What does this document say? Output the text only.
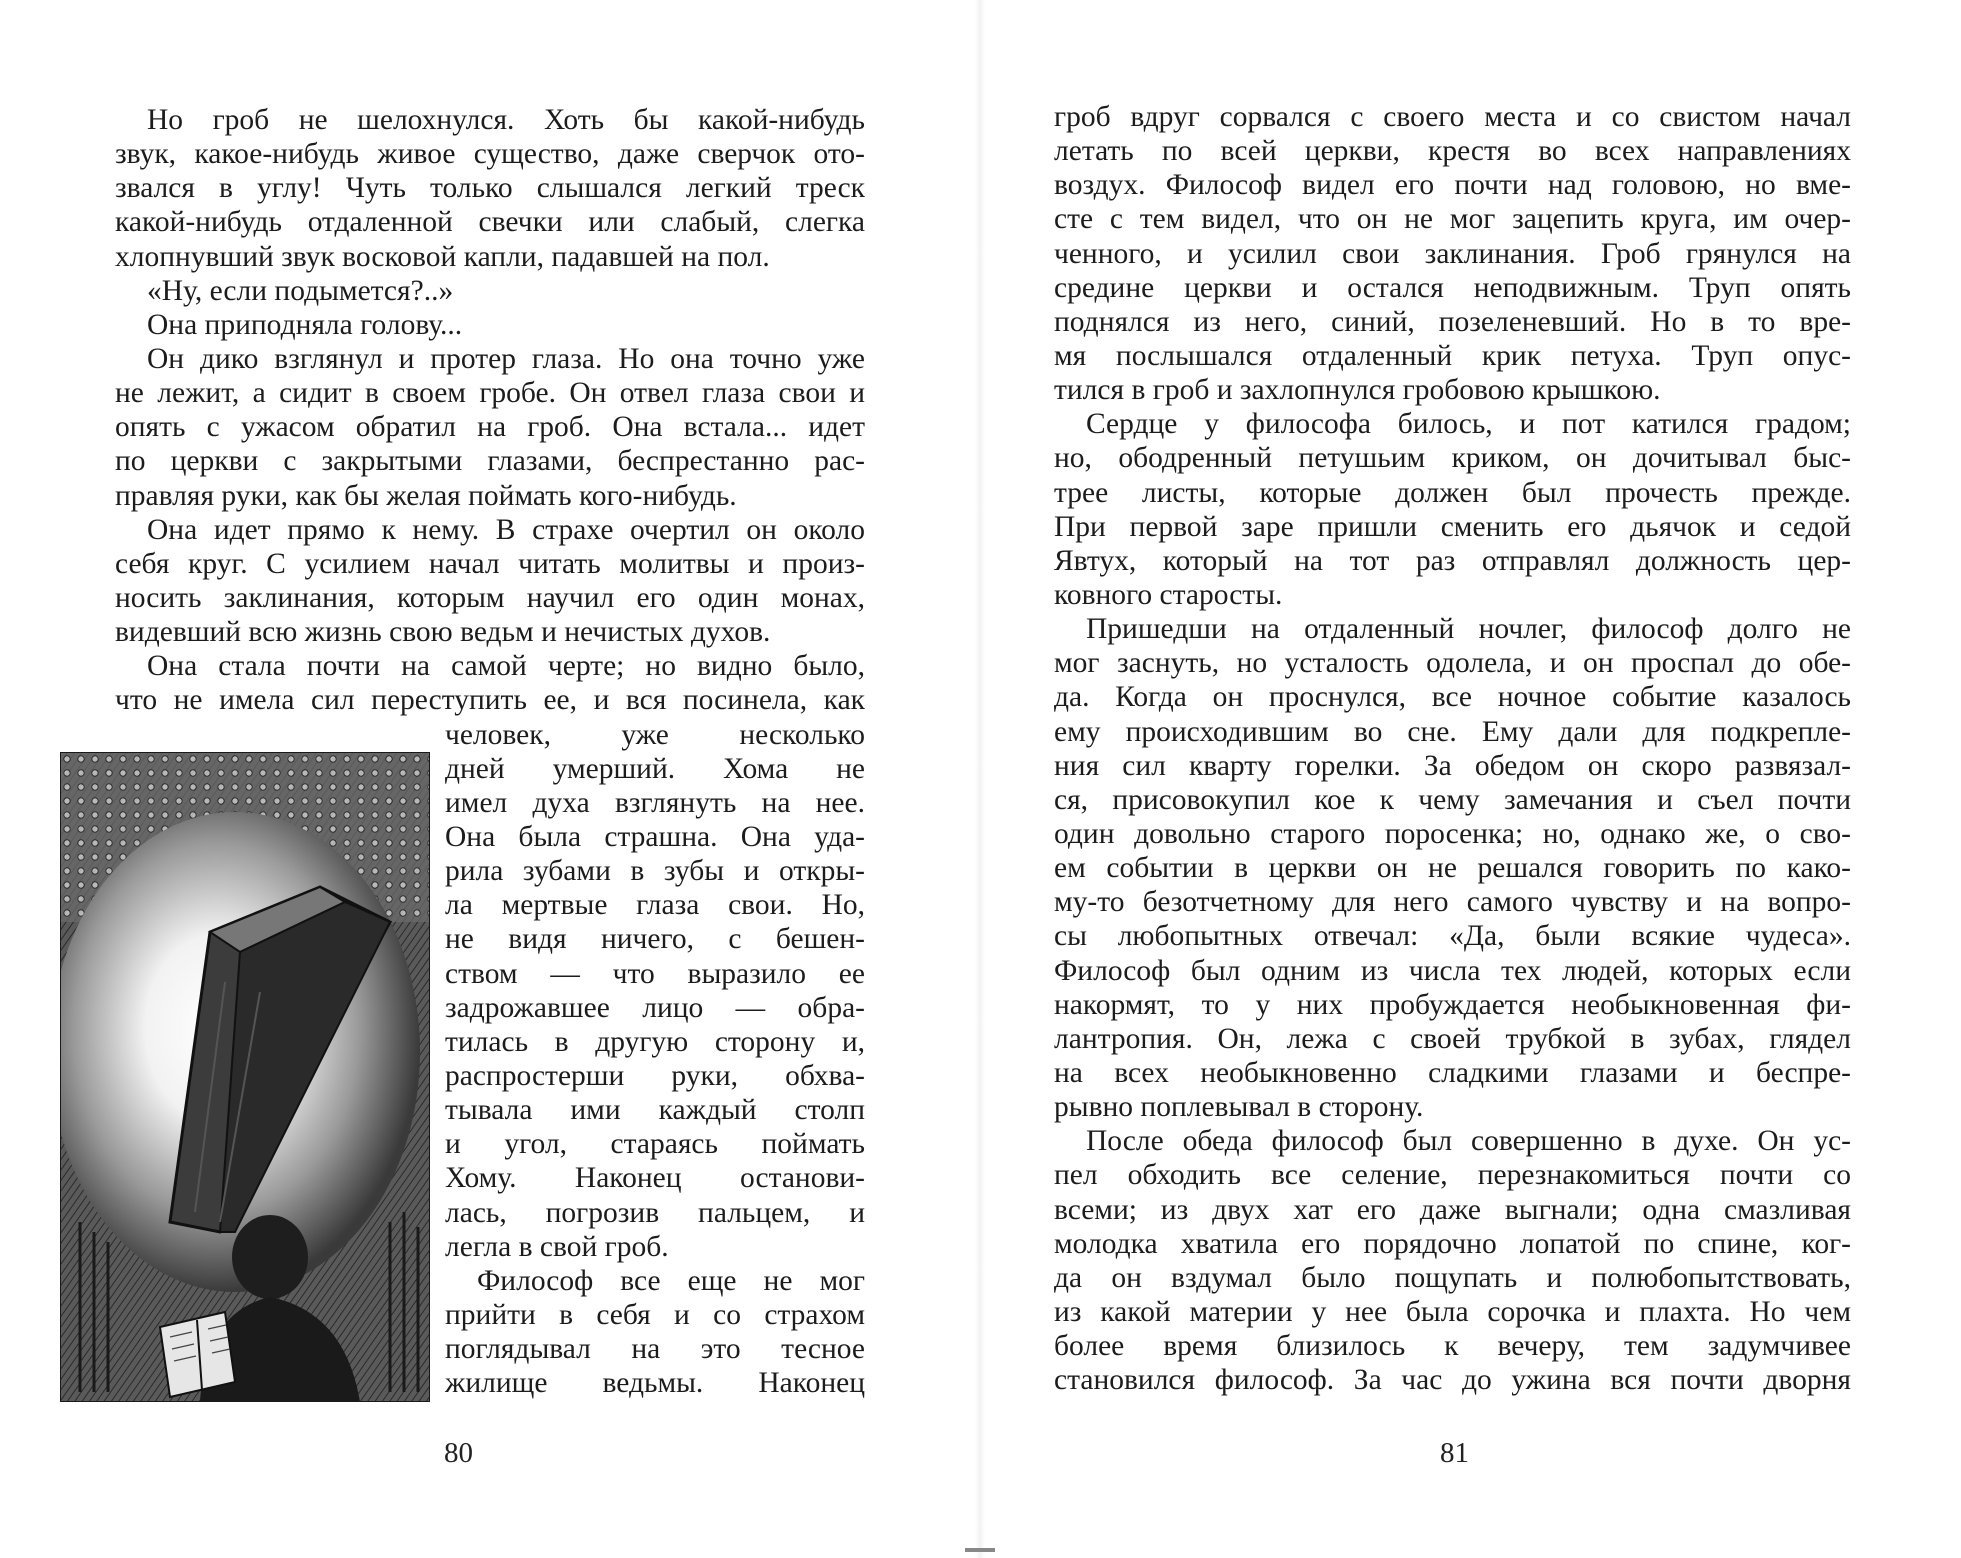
Но гроб не шелохнулся. Хоть бы какой-нибудь
звук, какое-нибудь живое существо, даже сверчок ото-
звался в углу! Чуть только слышался легкий треск
какой-нибудь отдаленной свечки или слабый, слегка
хлопнувший звук восковой капли, падавшей на пол.
«Ну, если подымется?..»
Она приподняла голову...
Он дико взглянул и протер глаза. Но она точно уже
не лежит, а сидит в своем гробе. Он отвел глаза свои и
опять с ужасом обратил на гроб. Она встала... идет
по церкви с закрытыми глазами, беспрестанно рас-
правляя руки, как бы желая поймать кого-нибудь.
Она идет прямо к нему. В страхе очертил он около
себя круг. С усилием начал читать молитвы и произ-
носить заклинания, которым научил его один монах,
видевший всю жизнь свою ведьм и нечистых духов.
Она стала почти на самой черте; но видно было,
что не имела сил переступить ее, и вся посинела, как
человек, уже несколько
дней умерший. Хома не
имел духа взглянуть на нее.
Она была страшна. Она уда-
рила зубами в зубы и откры-
ла мертвые глаза свои. Но,
не видя ничего, с бешен-
ством — что выразило ее
задрожавшее лицо — обра-
тилась в другую сторону и,
распростерши руки, обхва-
тывала ими каждый столп
и угол, стараясь поймать
Хому. Наконец останови-
лась, погрозив пальцем, и
легла в свой гроб.
Философ все еще не мог
прийти в себя и со страхом
поглядывал на это тесное
жилище ведьмы. Наконец
80
гроб вдруг сорвался с своего места и со свистом начал
летать по всей церкви, крестя во всех направлениях
воздух. Философ видел его почти над головою, но вме-
сте с тем видел, что он не мог зацепить круга, им очер-
ченного, и усилил свои заклинания. Гроб грянулся на
средине церкви и остался неподвижным. Труп опять
поднялся из него, синий, позеленевший. Но в то вре-
мя послышался отдаленный крик петуха. Труп опус-
тился в гроб и захлопнулся гробовою крышкою.
Сердце у философа билось, и пот катился градом;
но, ободренный петушьим криком, он дочитывал быс-
трее листы, которые должен был прочесть прежде.
При первой заре пришли сменить его дьячок и седой
Явтух, который на тот раз отправлял должность цер-
ковного старосты.
Пришедши на отдаленный ночлег, философ долго не
мог заснуть, но усталость одолела, и он проспал до обе-
да. Когда он проснулся, все ночное событие казалось
ему происходившим во сне. Ему дали для подкрепле-
ния сил кварту горелки. За обедом он скоро развязал-
ся, присовокупил кое к чему замечания и съел почти
один довольно старого поросенка; но, однако же, о сво-
ем событии в церкви он не решался говорить по како-
му-то безотчетному для него самого чувству и на вопро-
сы любопытных отвечал: «Да, были всякие чудеса».
Философ был одним из числа тех людей, которых если
накормят, то у них пробуждается необыкновенная фи-
лантропия. Он, лежа с своей трубкой в зубах, глядел
на всех необыкновенно сладкими глазами и беспре-
рывно поплевывал в сторону.
После обеда философ был совершенно в духе. Он ус-
пел обходить все селение, перезнакомиться почти со
всеми; из двух хат его даже выгнали; одна смазливая
молодка хватила его порядочно лопатой по спине, ког-
да он вздумал было пощупать и полюбопытствовать,
из какой материи у нее была сорочка и плахта. Но чем
более время близилось к вечеру, тем задумчивее
становился философ. За час до ужина вся почти дворня
81
